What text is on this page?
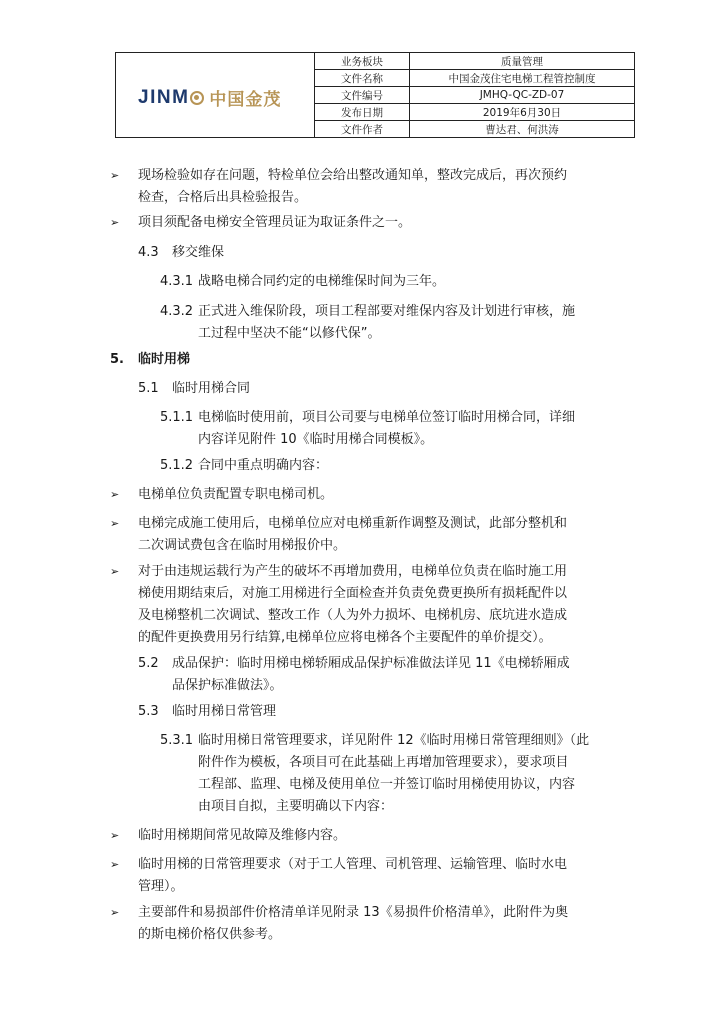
JINM 中国金茂
业务板块	质量管理
文件名称	中国金茂住宅电梯工程管控制度
文件编号	JMHQ-QC-ZD-07
发布日期	2019年6月30日
文件作者	曹达君、何洪涛
➢ 现场检验如存在问题，特检单位会给出整改通知单，整改完成后，再次预约
检查，合格后出具检验报告。
➢ 项目须配备电梯安全管理员证为取证条件之一。
4.3 移交维保
4.3.1 战略电梯合同约定的电梯维保时间为三年。
4.3.2 正式进入维保阶段，项目工程部要对维保内容及计划进行审核，施
工过程中坚决不能“以修代保”。
5. 临时用梯
5.1 临时用梯合同
5.1.1 电梯临时使用前，项目公司要与电梯单位签订临时用梯合同，详细
内容详见附件 10《临时用梯合同模板》。
5.1.2 合同中重点明确内容：
➢ 电梯单位负责配置专职电梯司机。
➢ 电梯完成施工使用后，电梯单位应对电梯重新作调整及测试，此部分整机和
二次调试费包含在临时用梯报价中。
➢ 对于由违规运载行为产生的破坏不再增加费用，电梯单位负责在临时施工用
梯使用期结束后，对施工用梯进行全面检查并负责免费更换所有损耗配件以
及电梯整机二次调试、整改工作（人为外力损坏、电梯机房、底坑进水造成
的配件更换费用另行结算,电梯单位应将电梯各个主要配件的单价提交）。
5.2 成品保护：临时用梯电梯轿厢成品保护标准做法详见 11《电梯轿厢成
品保护标准做法》。
5.3 临时用梯日常管理
5.3.1 临时用梯日常管理要求，详见附件 12《临时用梯日常管理细则》（此
附件作为模板，各项目可在此基础上再增加管理要求），要求项目
工程部、监理、电梯及使用单位一并签订临时用梯使用协议，内容
由项目自拟，主要明确以下内容：
➢ 临时用梯期间常见故障及维修内容。
➢ 临时用梯的日常管理要求（对于工人管理、司机管理、运输管理、临时水电
管理）。
➢ 主要部件和易损部件价格清单详见附录 13《易损件价格清单》，此附件为奥
的斯电梯价格仅供参考。
